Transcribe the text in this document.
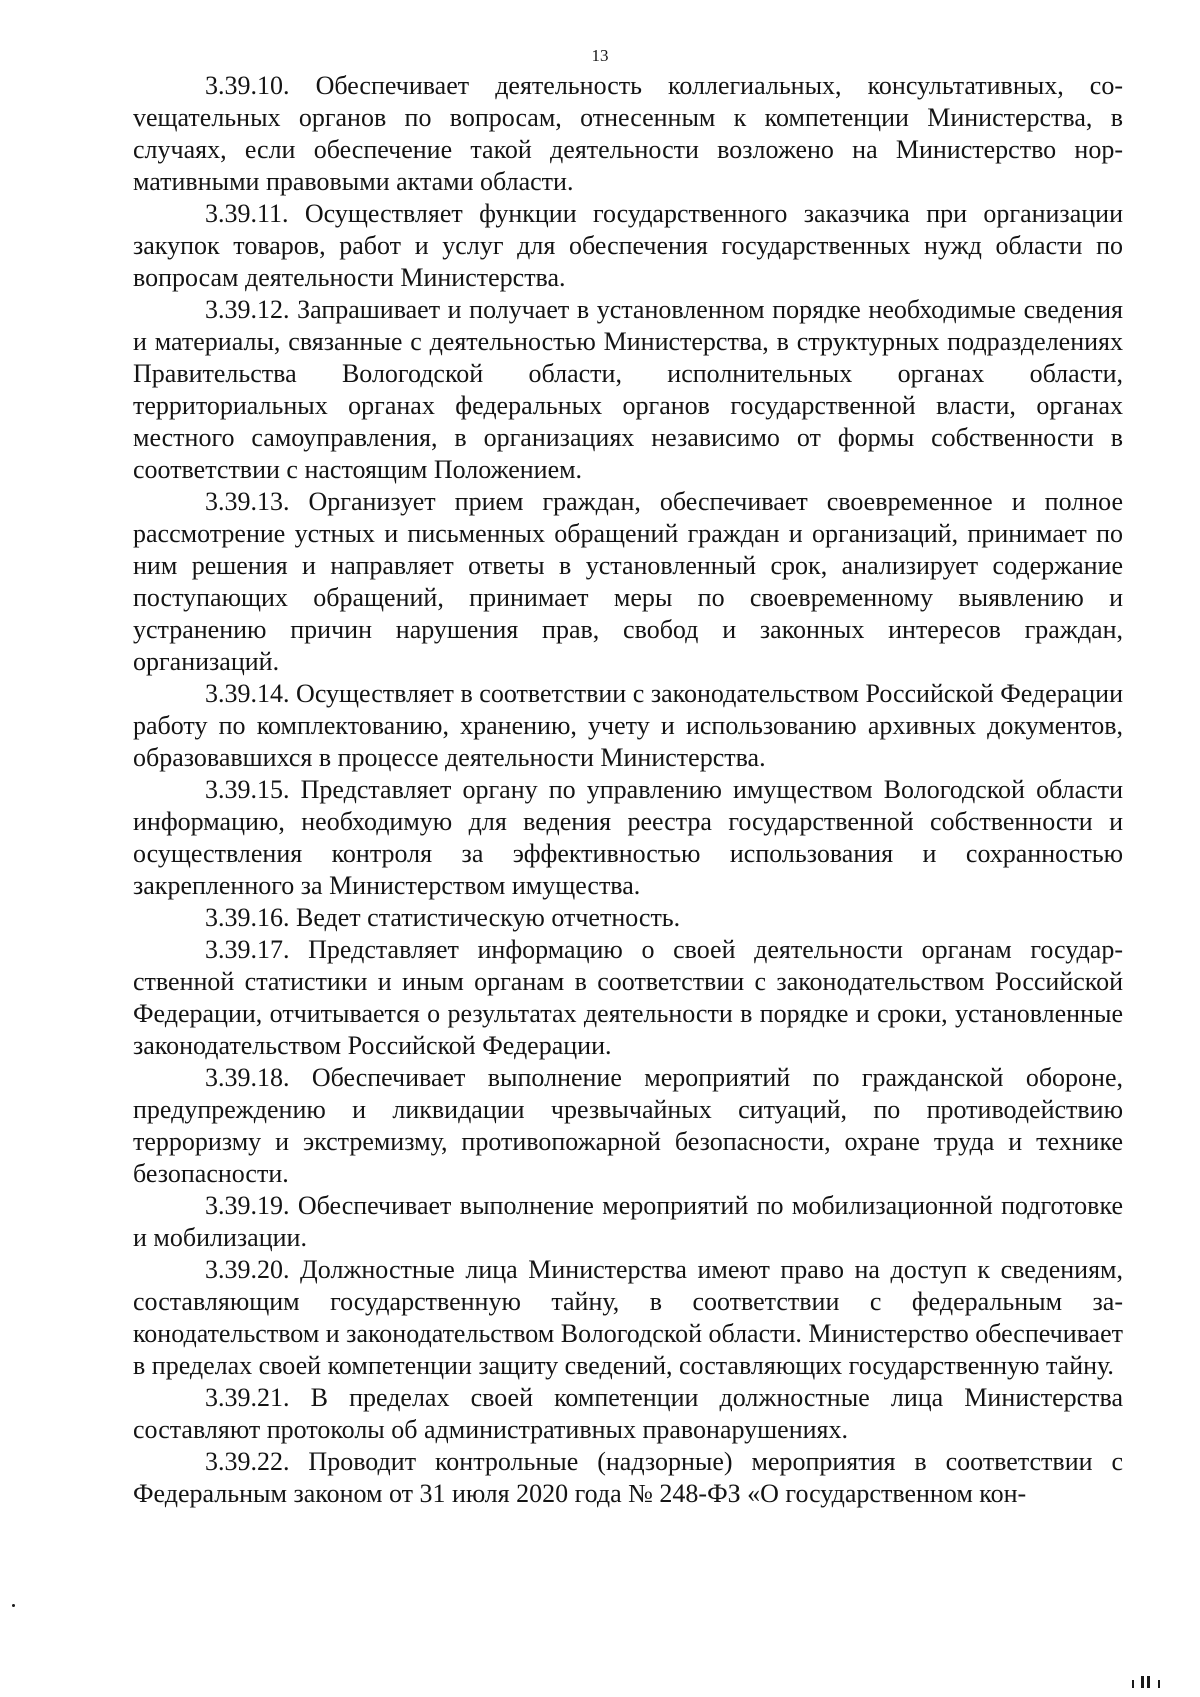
13

3.39.10. Обеспечивает деятельность коллегиальных, консультативных, соvещательных органов по вопросам, отнесенным к компетенции Министерства, в случаях, если обеспечение такой деятельности возложено на Министерство нормативными правовыми актами области.

3.39.11. Осуществляет функции государственного заказчика при организации закупок товаров, работ и услуг для обеспечения государственных нужд области по вопросам деятельности Министерства.

3.39.12. Запрашивает и получает в установленном порядке необходимые сведения и материалы, связанные с деятельностью Министерства, в структурных подразделениях Правительства Вологодской области, исполнительных органах области, территориальных органах федеральных органов государственной власти, органах местного самоуправления, в организациях независимо от формы собственности в соответствии с настоящим Положением.

3.39.13. Организует прием граждан, обеспечивает своевременное и полное рассмотрение устных и письменных обращений граждан и организаций, принимает по ним решения и направляет ответы в установленный срок, анализирует содержание поступающих обращений, принимает меры по своевременному выявлению и устранению причин нарушения прав, свобод и законных интересов граждан, организаций.

3.39.14. Осуществляет в соответствии с законодательством Российской Федерации работу по комплектованию, хранению, учету и использованию архивных документов, образовавшихся в процессе деятельности Министерства.

3.39.15. Представляет органу по управлению имуществом Вологодской области информацию, необходимую для ведения реестра государственной собственности и осуществления контроля за эффективностью использования и сохранностью закрепленного за Министерством имущества.

3.39.16. Ведет статистическую отчетность.

3.39.17. Представляет информацию о своей деятельности органам государственной статистики и иным органам в соответствии с законодательством Российской Федерации, отчитывается о результатах деятельности в порядке и сроки, установленные законодательством Российской Федерации.

3.39.18. Обеспечивает выполнение мероприятий по гражданской обороне, предупреждению и ликвидации чрезвычайных ситуаций, по противодействию терроризму и экстремизму, противопожарной безопасности, охране труда и технике безопасности.

3.39.19. Обеспечивает выполнение мероприятий по мобилизационной подготовке и мобилизации.

3.39.20. Должностные лица Министерства имеют право на доступ к сведениям, составляющим государственную тайну, в соответствии с федеральным законодательством и законодательством Вологодской области. Министерство обеспечивает в пределах своей компетенции защиту сведений, составляющих государственную тайну.

3.39.21. В пределах своей компетенции должностные лица Министерства составляют протоколы об административных правонарушениях.

3.39.22. Проводит контрольные (надзорные) мероприятия в соответствии с Федеральным законом от 31 июля 2020 года № 248-ФЗ «О государственном кон-
